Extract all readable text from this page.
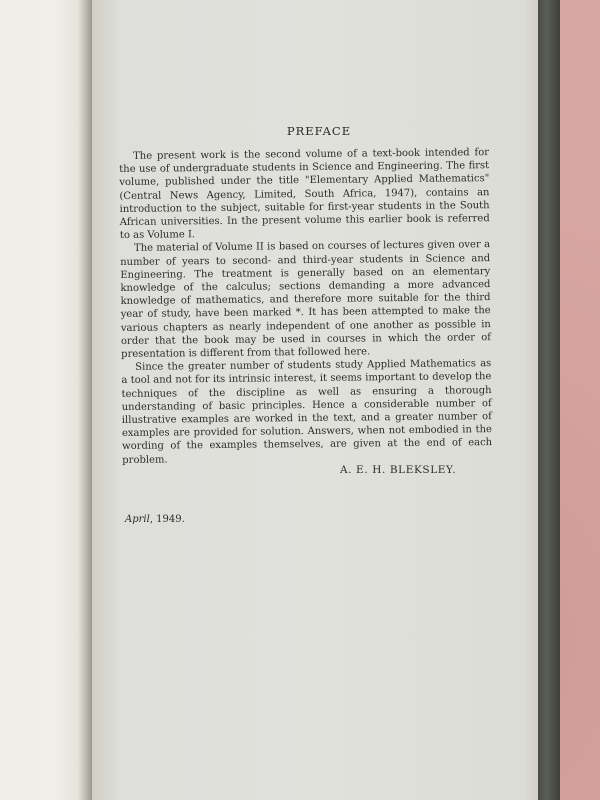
PREFACE

The present work is the second volume of a text-book intended for the use of undergraduate students in Science and Engineering. The first volume, published under the title "Elementary Applied Mathematics" (Central News Agency, Limited, South Africa, 1947), contains an introduction to the subject, suitable for first-year students in the South African universities. In the present volume this earlier book is referred to as Volume I.

The material of Volume II is based on courses of lectures given over a number of years to second- and third-year students in Science and Engineering. The treatment is generally based on an elementary knowledge of the calculus; sections demanding a more advanced knowledge of mathematics, and therefore more suitable for the third year of study, have been marked *. It has been attempted to make the various chapters as nearly independent of one another as possible in order that the book may be used in courses in which the order of presentation is different from that followed here.

Since the greater number of students study Applied Mathematics as a tool and not for its intrinsic interest, it seems important to develop the techniques of the discipline as well as ensuring a thorough understanding of basic principles. Hence a considerable number of illustrative examples are worked in the text, and a greater number of examples are provided for solution. Answers, when not embodied in the wording of the examples themselves, are given at the end of each problem.

A. E. H. BLEKSLEY.
April, 1949.
